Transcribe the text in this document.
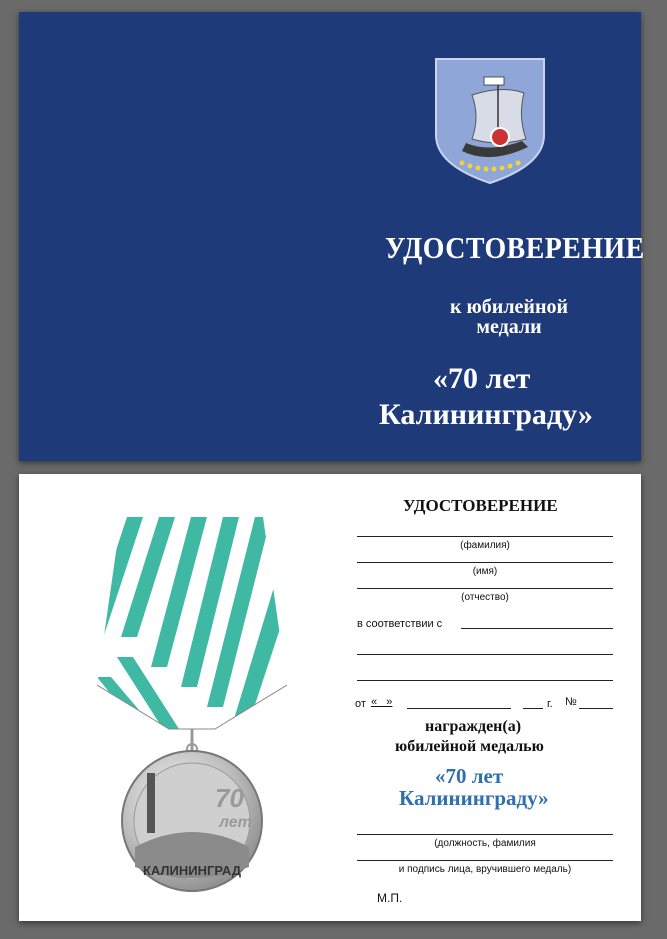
УДОСТОВЕРЕНИЕ
к юбилейной
медали
«70 лет
Калининграду»
70
лет
КАЛИНИНГРАД
УДОСТОВЕРЕНИЕ
(фамилия)
(имя)
(отчество)
в соответствии с
от «   »	г. №
награжден(а)
юбилейной медалью
«70 лет
Калининграду»
(должность, фамилия
и подпись лица, вручившего медаль)
М.П.
